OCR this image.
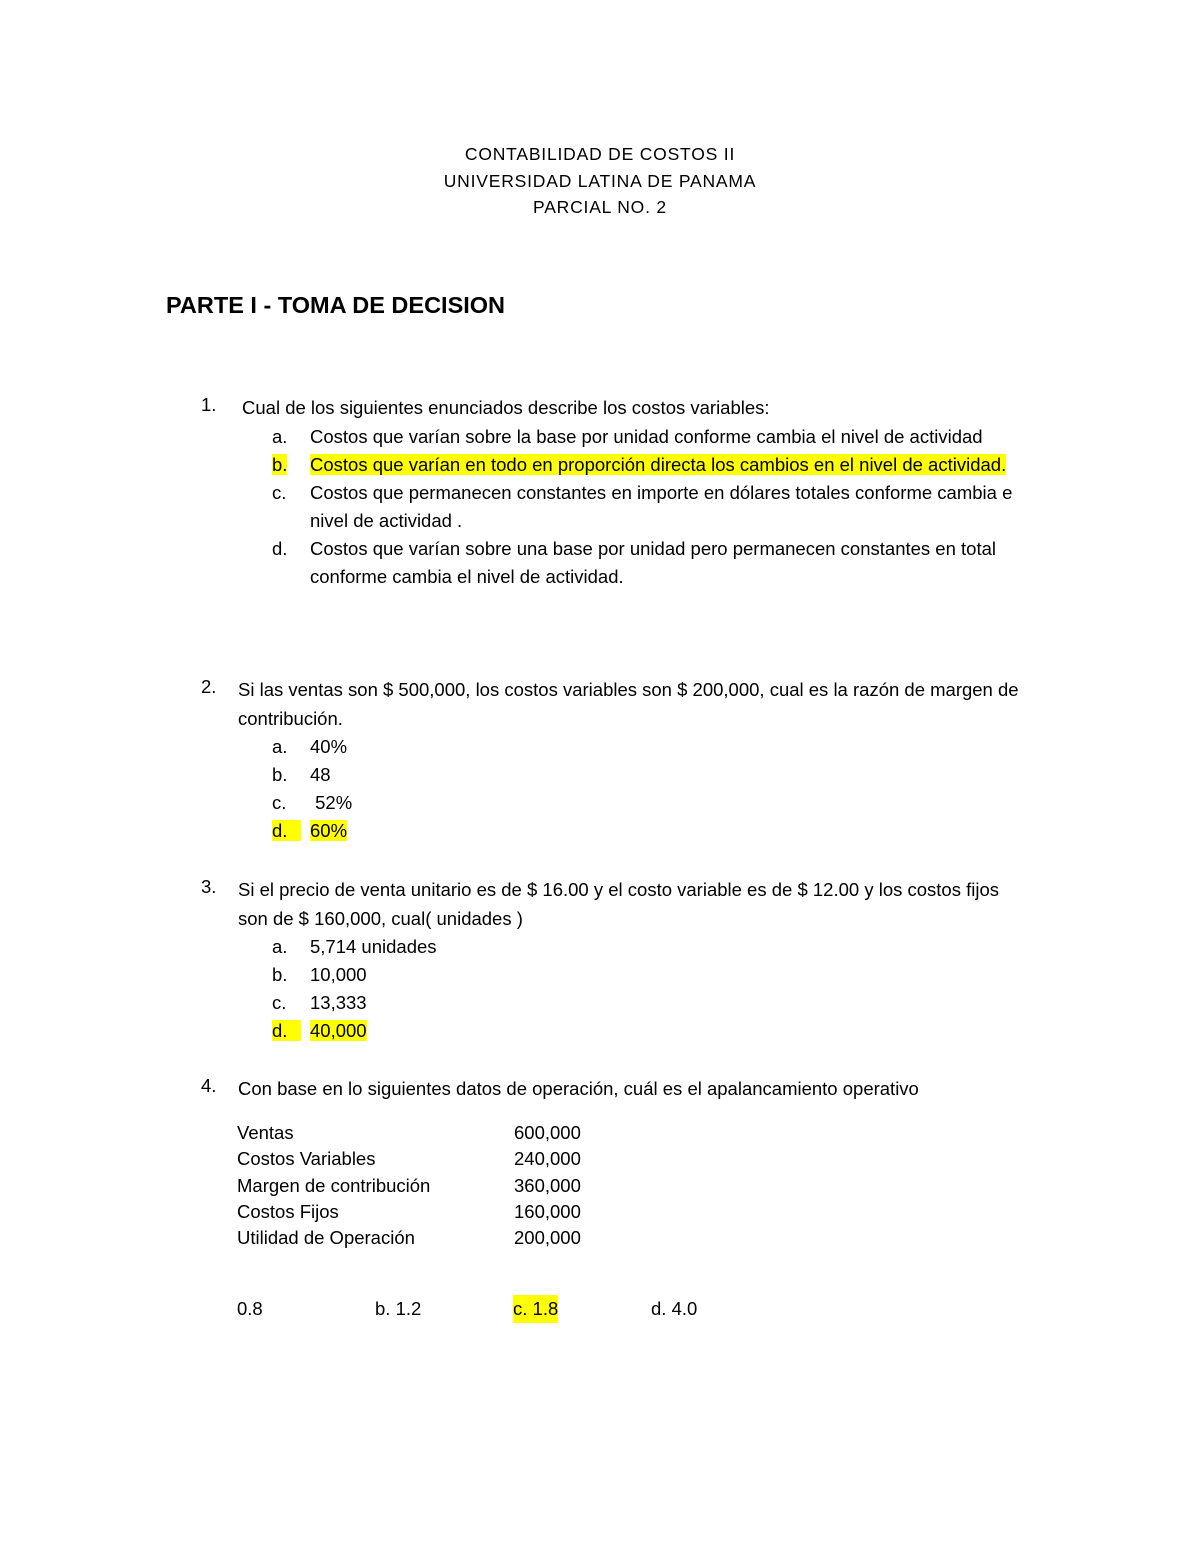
CONTABILIDAD DE COSTOS II
UNIVERSIDAD LATINA DE PANAMA
PARCIAL NO. 2
PARTE I - TOMA DE DECISION
1.	Cual de los siguientes enunciados describe los costos variables:
a.	Costos que varían sobre la base por unidad conforme cambia el nivel de actividad
b.	Costos que varían en todo en proporción directa los cambios en el nivel de actividad.
c.	Costos que permanecen constantes en importe en dólares totales conforme cambia e nivel de actividad .
d.	Costos que varían sobre una base por unidad pero permanecen constantes en total conforme cambia el nivel de actividad.
2.	Si las ventas son $ 500,000, los costos variables son $ 200,000, cual es la razón de margen de contribución.
a.	40%
b.	48
c.	52%
d.	60%
3.	Si el precio de venta unitario es de $ 16.00 y el costo variable es de $ 12.00 y los costos fijos son de $ 160,000, cual( unidades )
a.	5,714 unidades
b.	10,000
c.	13,333
d.	40,000
4.	Con base en lo siguientes datos de operación, cuál es el apalancamiento operativo
Ventas	600,000
Costos Variables	240,000
Margen de contribución	360,000
Costos Fijos	160,000
Utilidad de Operación	200,000
0.8	b. 1.2	c. 1.8	d. 4.0
